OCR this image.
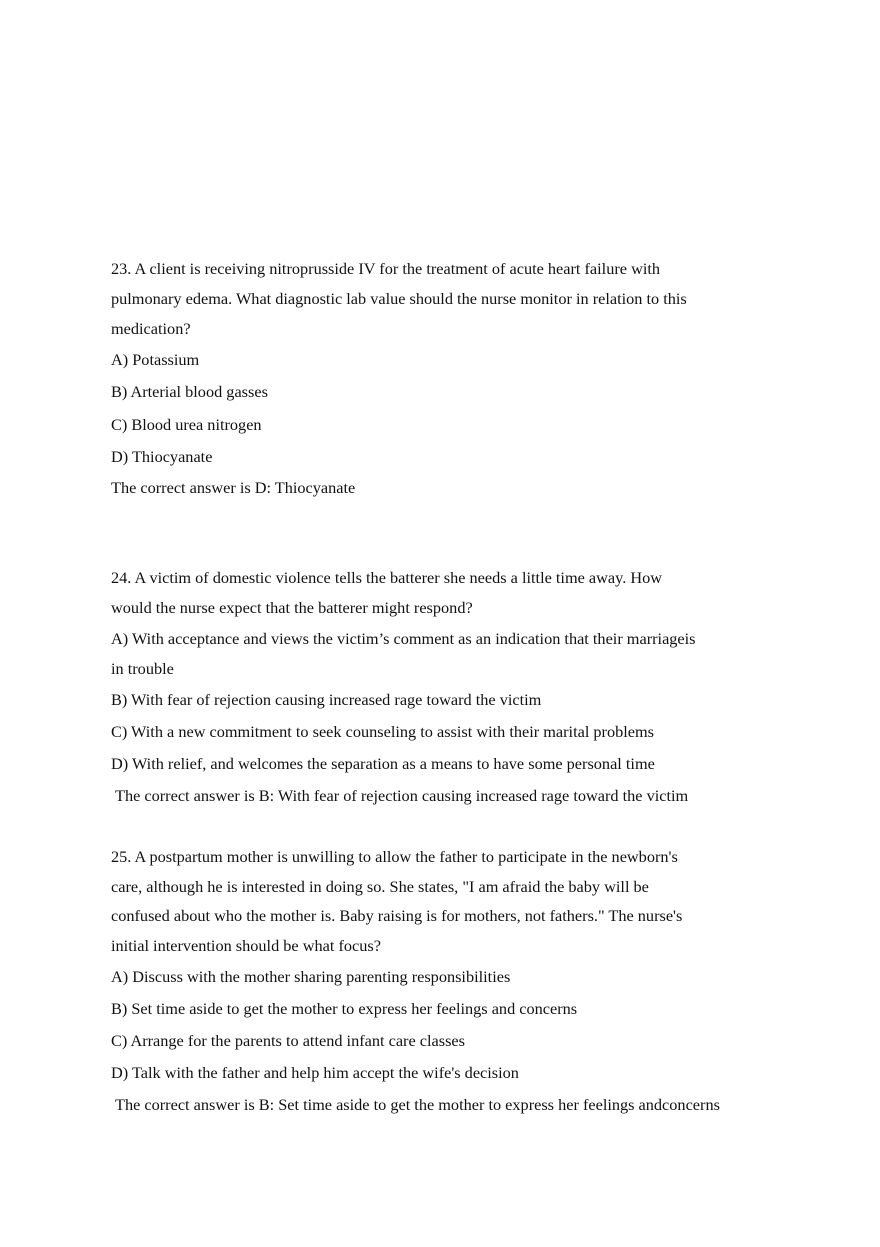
23. A client is receiving nitroprusside IV for the treatment of acute heart failure with
pulmonary edema. What diagnostic lab value should the nurse monitor in relation to this
medication?
A) Potassium
B) Arterial blood gasses
C) Blood urea nitrogen
D) Thiocyanate
The correct answer is D: Thiocyanate
24. A victim of domestic violence tells the batterer she needs a little time away. How
would the nurse expect that the batterer might respond?
A) With acceptance and views the victim’s comment as an indication that their marriageis
in trouble
B) With fear of rejection causing increased rage toward the victim
C) With a new commitment to seek counseling to assist with their marital problems
D) With relief, and welcomes the separation as a means to have some personal time
The correct answer is B: With fear of rejection causing increased rage toward the victim
25. A postpartum mother is unwilling to allow the father to participate in the newborn's
care, although he is interested in doing so. She states, "I am afraid the baby will be
confused about who the mother is. Baby raising is for mothers, not fathers." The nurse's
initial intervention should be what focus?
A) Discuss with the mother sharing parenting responsibilities
B) Set time aside to get the mother to express her feelings and concerns
C) Arrange for the parents to attend infant care classes
D) Talk with the father and help him accept the wife's decision
The correct answer is B: Set time aside to get the mother to express her feelings andconcerns
